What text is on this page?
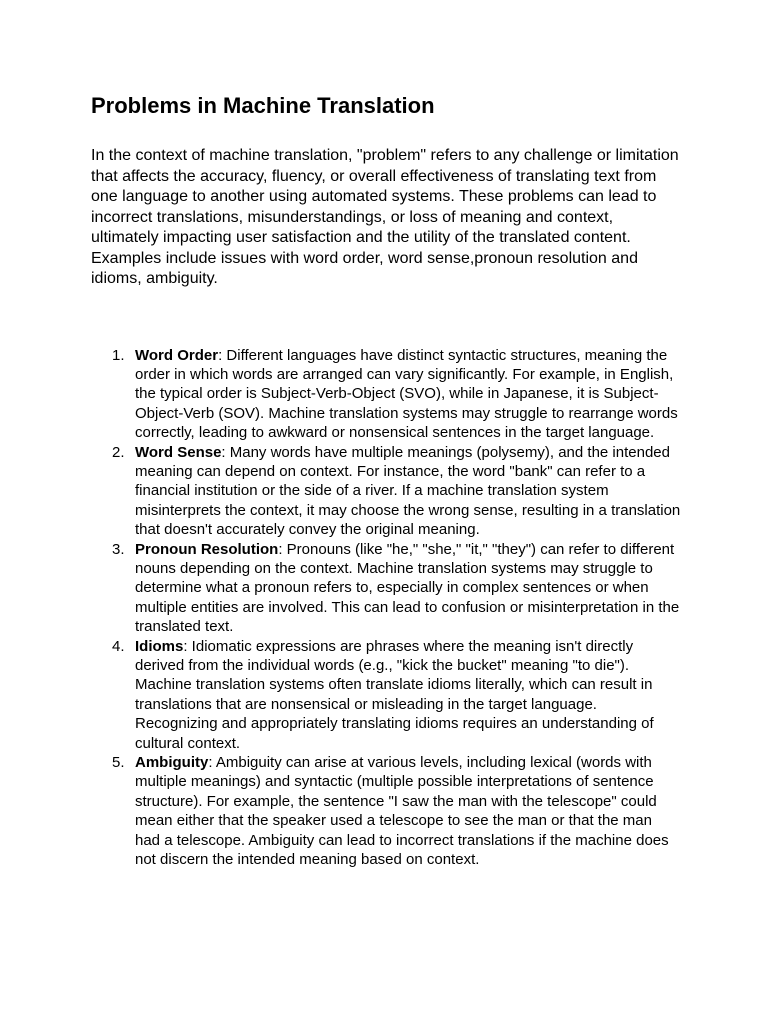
Problems in Machine Translation

In the context of machine translation, "problem" refers to any challenge or limitation that affects the accuracy, fluency, or overall effectiveness of translating text from one language to another using automated systems. These problems can lead to incorrect translations, misunderstandings, or loss of meaning and context, ultimately impacting user satisfaction and the utility of the translated content. Examples include issues with word order, word sense,pronoun resolution and idioms, ambiguity.

1. Word Order: Different languages have distinct syntactic structures, meaning the order in which words are arranged can vary significantly. For example, in English, the typical order is Subject-Verb-Object (SVO), while in Japanese, it is Subject-Object-Verb (SOV). Machine translation systems may struggle to rearrange words correctly, leading to awkward or nonsensical sentences in the target language.
2. Word Sense: Many words have multiple meanings (polysemy), and the intended meaning can depend on context. For instance, the word "bank" can refer to a financial institution or the side of a river. If a machine translation system misinterprets the context, it may choose the wrong sense, resulting in a translation that doesn't accurately convey the original meaning.
3. Pronoun Resolution: Pronouns (like "he," "she," "it," "they") can refer to different nouns depending on the context. Machine translation systems may struggle to determine what a pronoun refers to, especially in complex sentences or when multiple entities are involved. This can lead to confusion or misinterpretation in the translated text.
4. Idioms: Idiomatic expressions are phrases where the meaning isn't directly derived from the individual words (e.g., "kick the bucket" meaning "to die"). Machine translation systems often translate idioms literally, which can result in translations that are nonsensical or misleading in the target language. Recognizing and appropriately translating idioms requires an understanding of cultural context.
5. Ambiguity: Ambiguity can arise at various levels, including lexical (words with multiple meanings) and syntactic (multiple possible interpretations of sentence structure). For example, the sentence "I saw the man with the telescope" could mean either that the speaker used a telescope to see the man or that the man had a telescope. Ambiguity can lead to incorrect translations if the machine does not discern the intended meaning based on context.
